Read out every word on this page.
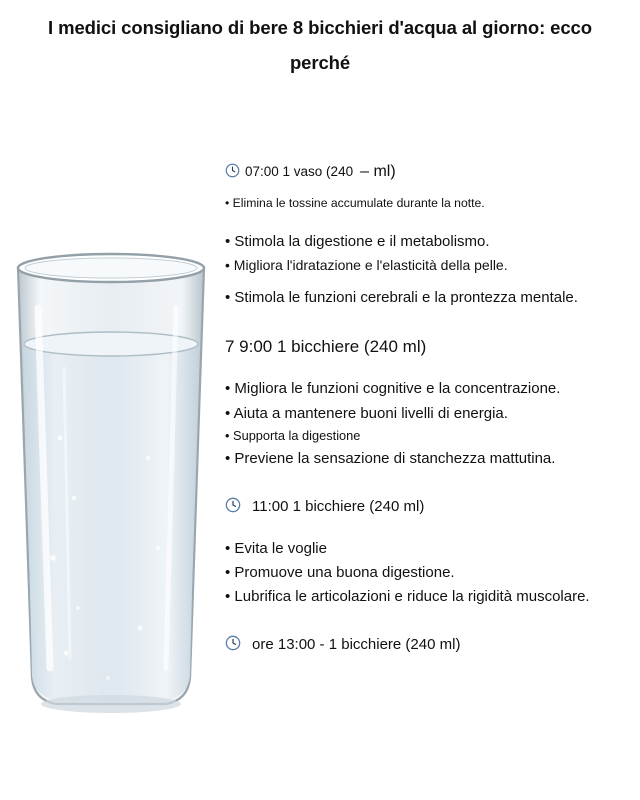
I medici consigliano di bere 8 bicchieri d'acqua al giorno: ecco perché
07:00 1 vaso (240 – ml)
• Elimina le tossine accumulate durante la notte.
• Stimola la digestione e il metabolismo.
• Migliora l'idratazione e l'elasticità della pelle.
• Stimola le funzioni cerebrali e la prontezza mentale.
7 9:00 1 bicchiere (240 ml)
• Migliora le funzioni cognitive e la concentrazione.
• Aiuta a mantenere buoni livelli di energia.
• Supporta la digestione
• Previene la sensazione di stanchezza mattutina.
11:00 1 bicchiere (240 ml)
• Evita le voglie
• Promuove una buona digestione.
• Lubrifica le articolazioni e riduce la rigidità muscolare.
ore 13:00 - 1 bicchiere (240 ml)
